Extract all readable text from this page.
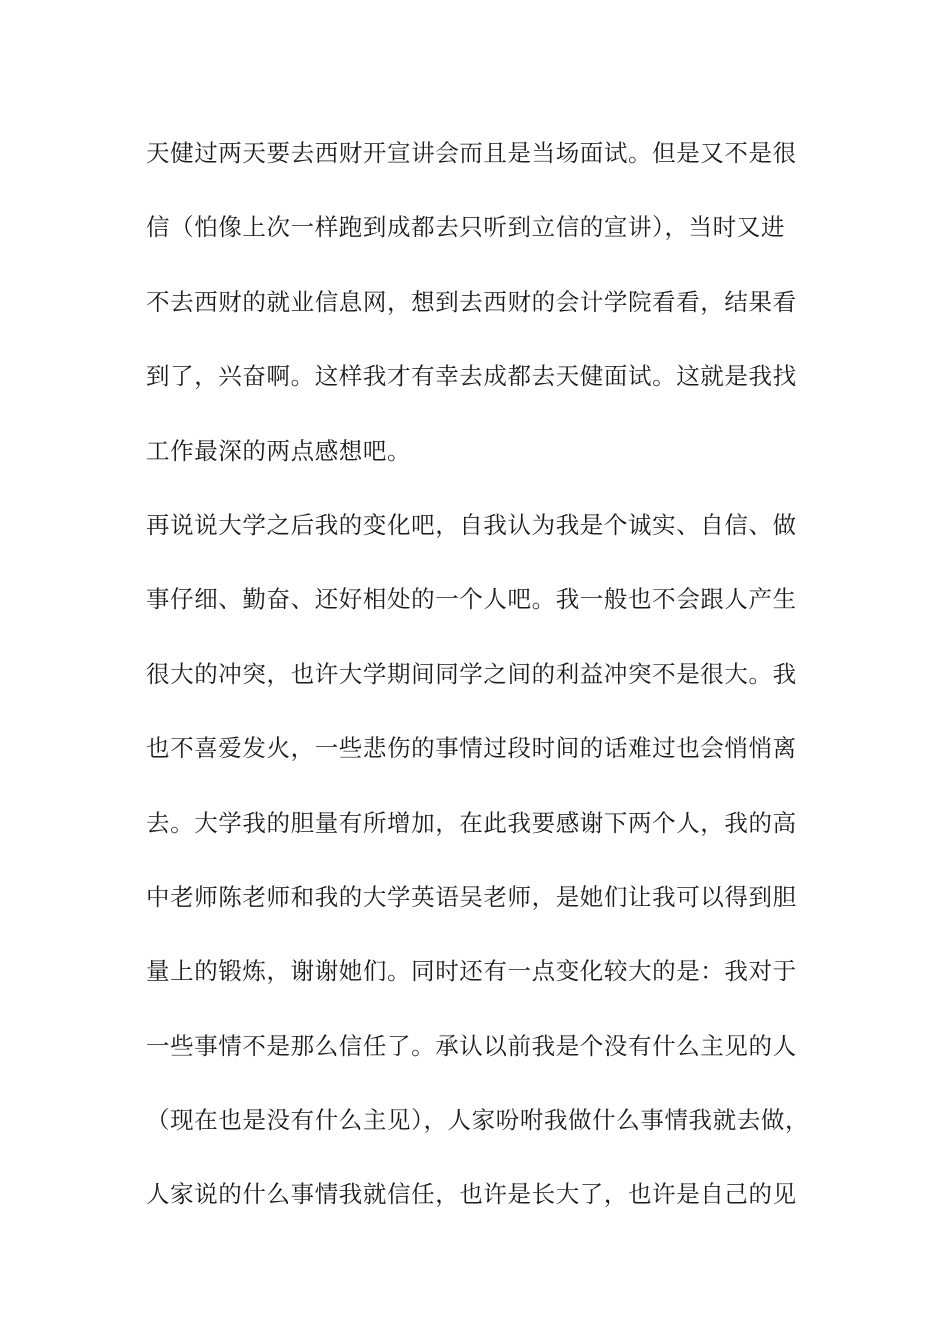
天健过两天要去西财开宣讲会而且是当场面试。但是又不是很
信（怕像上次一样跑到成都去只听到立信的宣讲），当时又进
不去西财的就业信息网，想到去西财的会计学院看看，结果看
到了，兴奋啊。这样我才有幸去成都去天健面试。这就是我找
工作最深的两点感想吧。
再说说大学之后我的变化吧，自我认为我是个诚实、自信、做
事仔细、勤奋、还好相处的一个人吧。我一般也不会跟人产生
很大的冲突，也许大学期间同学之间的利益冲突不是很大。我
也不喜爱发火，一些悲伤的事情过段时间的话难过也会悄悄离
去。大学我的胆量有所增加，在此我要感谢下两个人，我的高
中老师陈老师和我的大学英语吴老师，是她们让我可以得到胆
量上的锻炼，谢谢她们。同时还有一点变化较大的是：我对于
一些事情不是那么信任了。承认以前我是个没有什么主见的人
（现在也是没有什么主见），人家吩咐我做什么事情我就去做，
人家说的什么事情我就信任，也许是长大了，也许是自己的见
